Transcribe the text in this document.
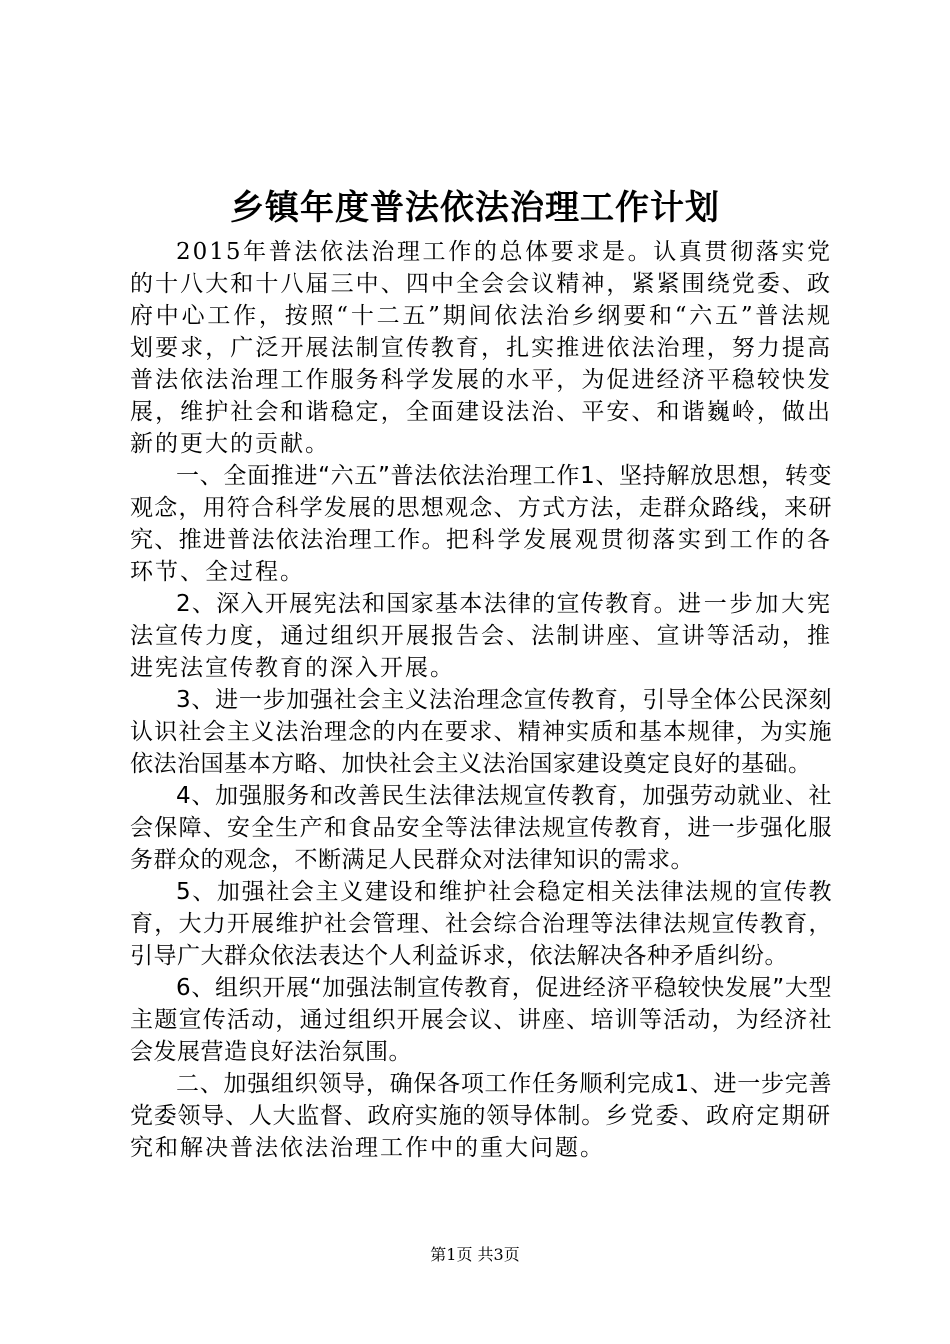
乡镇年度普法依法治理工作计划

2015年普法依法治理工作的总体要求是。认真贯彻落实党的十八大和十八届三中、四中全会会议精神，紧紧围绕党委、政府中心工作，按照“十二五”期间依法治乡纲要和“六五”普法规划要求，广泛开展法制宣传教育，扎实推进依法治理，努力提高普法依法治理工作服务科学发展的水平，为促进经济平稳较快发展，维护社会和谐稳定，全面建设法治、平安、和谐巍岭，做出新的更大的贡献。

一、全面推进“六五”普法依法治理工作1、坚持解放思想，转变观念，用符合科学发展的思想观念、方式方法，走群众路线，来研究、推进普法依法治理工作。把科学发展观贯彻落实到工作的各环节、全过程。

2、深入开展宪法和国家基本法律的宣传教育。进一步加大宪法宣传力度，通过组织开展报告会、法制讲座、宣讲等活动，推进宪法宣传教育的深入开展。

3、进一步加强社会主义法治理念宣传教育，引导全体公民深刻认识社会主义法治理念的内在要求、精神实质和基本规律，为实施依法治国基本方略、加快社会主义法治国家建设奠定良好的基础。

4、加强服务和改善民生法律法规宣传教育，加强劳动就业、社会保障、安全生产和食品安全等法律法规宣传教育，进一步强化服务群众的观念，不断满足人民群众对法律知识的需求。

5、加强社会主义建设和维护社会稳定相关法律法规的宣传教育，大力开展维护社会管理、社会综合治理等法律法规宣传教育，引导广大群众依法表达个人利益诉求，依法解决各种矛盾纠纷。

6、组织开展“加强法制宣传教育，促进经济平稳较快发展”大型主题宣传活动，通过组织开展会议、讲座、培训等活动，为经济社会发展营造良好法治氛围。

二、加强组织领导，确保各项工作任务顺利完成1、进一步完善党委领导、人大监督、政府实施的领导体制。乡党委、政府定期研究和解决普法依法治理工作中的重大问题。

第1页 共3页
